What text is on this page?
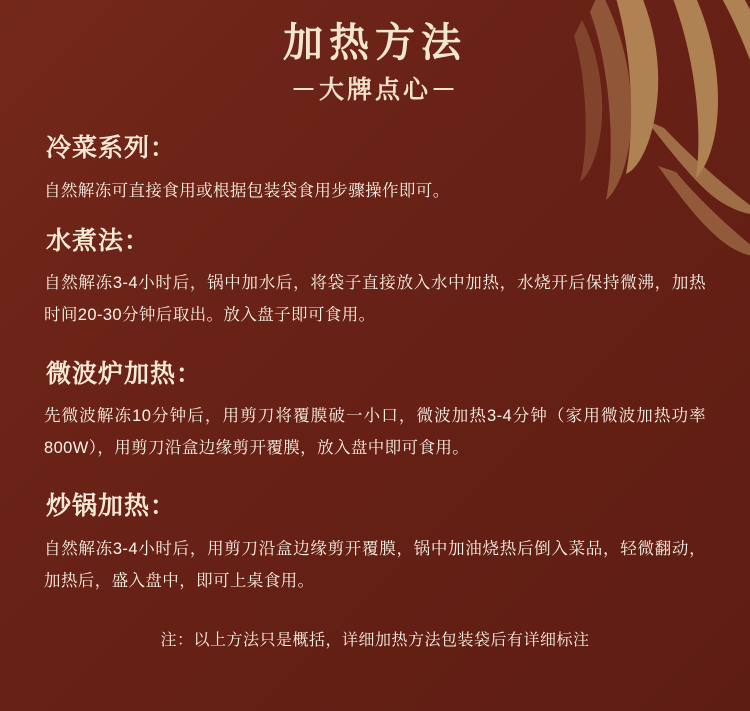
加热方法

－大牌点心－

冷菜系列：

自然解冻可直接食用或根据包装袋食用步骤操作即可。

水煮法：

自然解冻3-4小时后，锅中加水后，将袋子直接放入水中加热，水烧开后保持微沸，加热时间20-30分钟后取出。放入盘子即可食用。

微波炉加热：

先微波解冻10分钟后，用剪刀将覆膜破一小口，微波加热3-4分钟（家用微波加热功率800W），用剪刀沿盒边缘剪开覆膜，放入盘中即可食用。

炒锅加热：

自然解冻3-4小时后，用剪刀沿盒边缘剪开覆膜，锅中加油烧热后倒入菜品，轻微翻动，加热后，盛入盘中，即可上桌食用。

注：以上方法只是概括，详细加热方法包装袋后有详细标注
